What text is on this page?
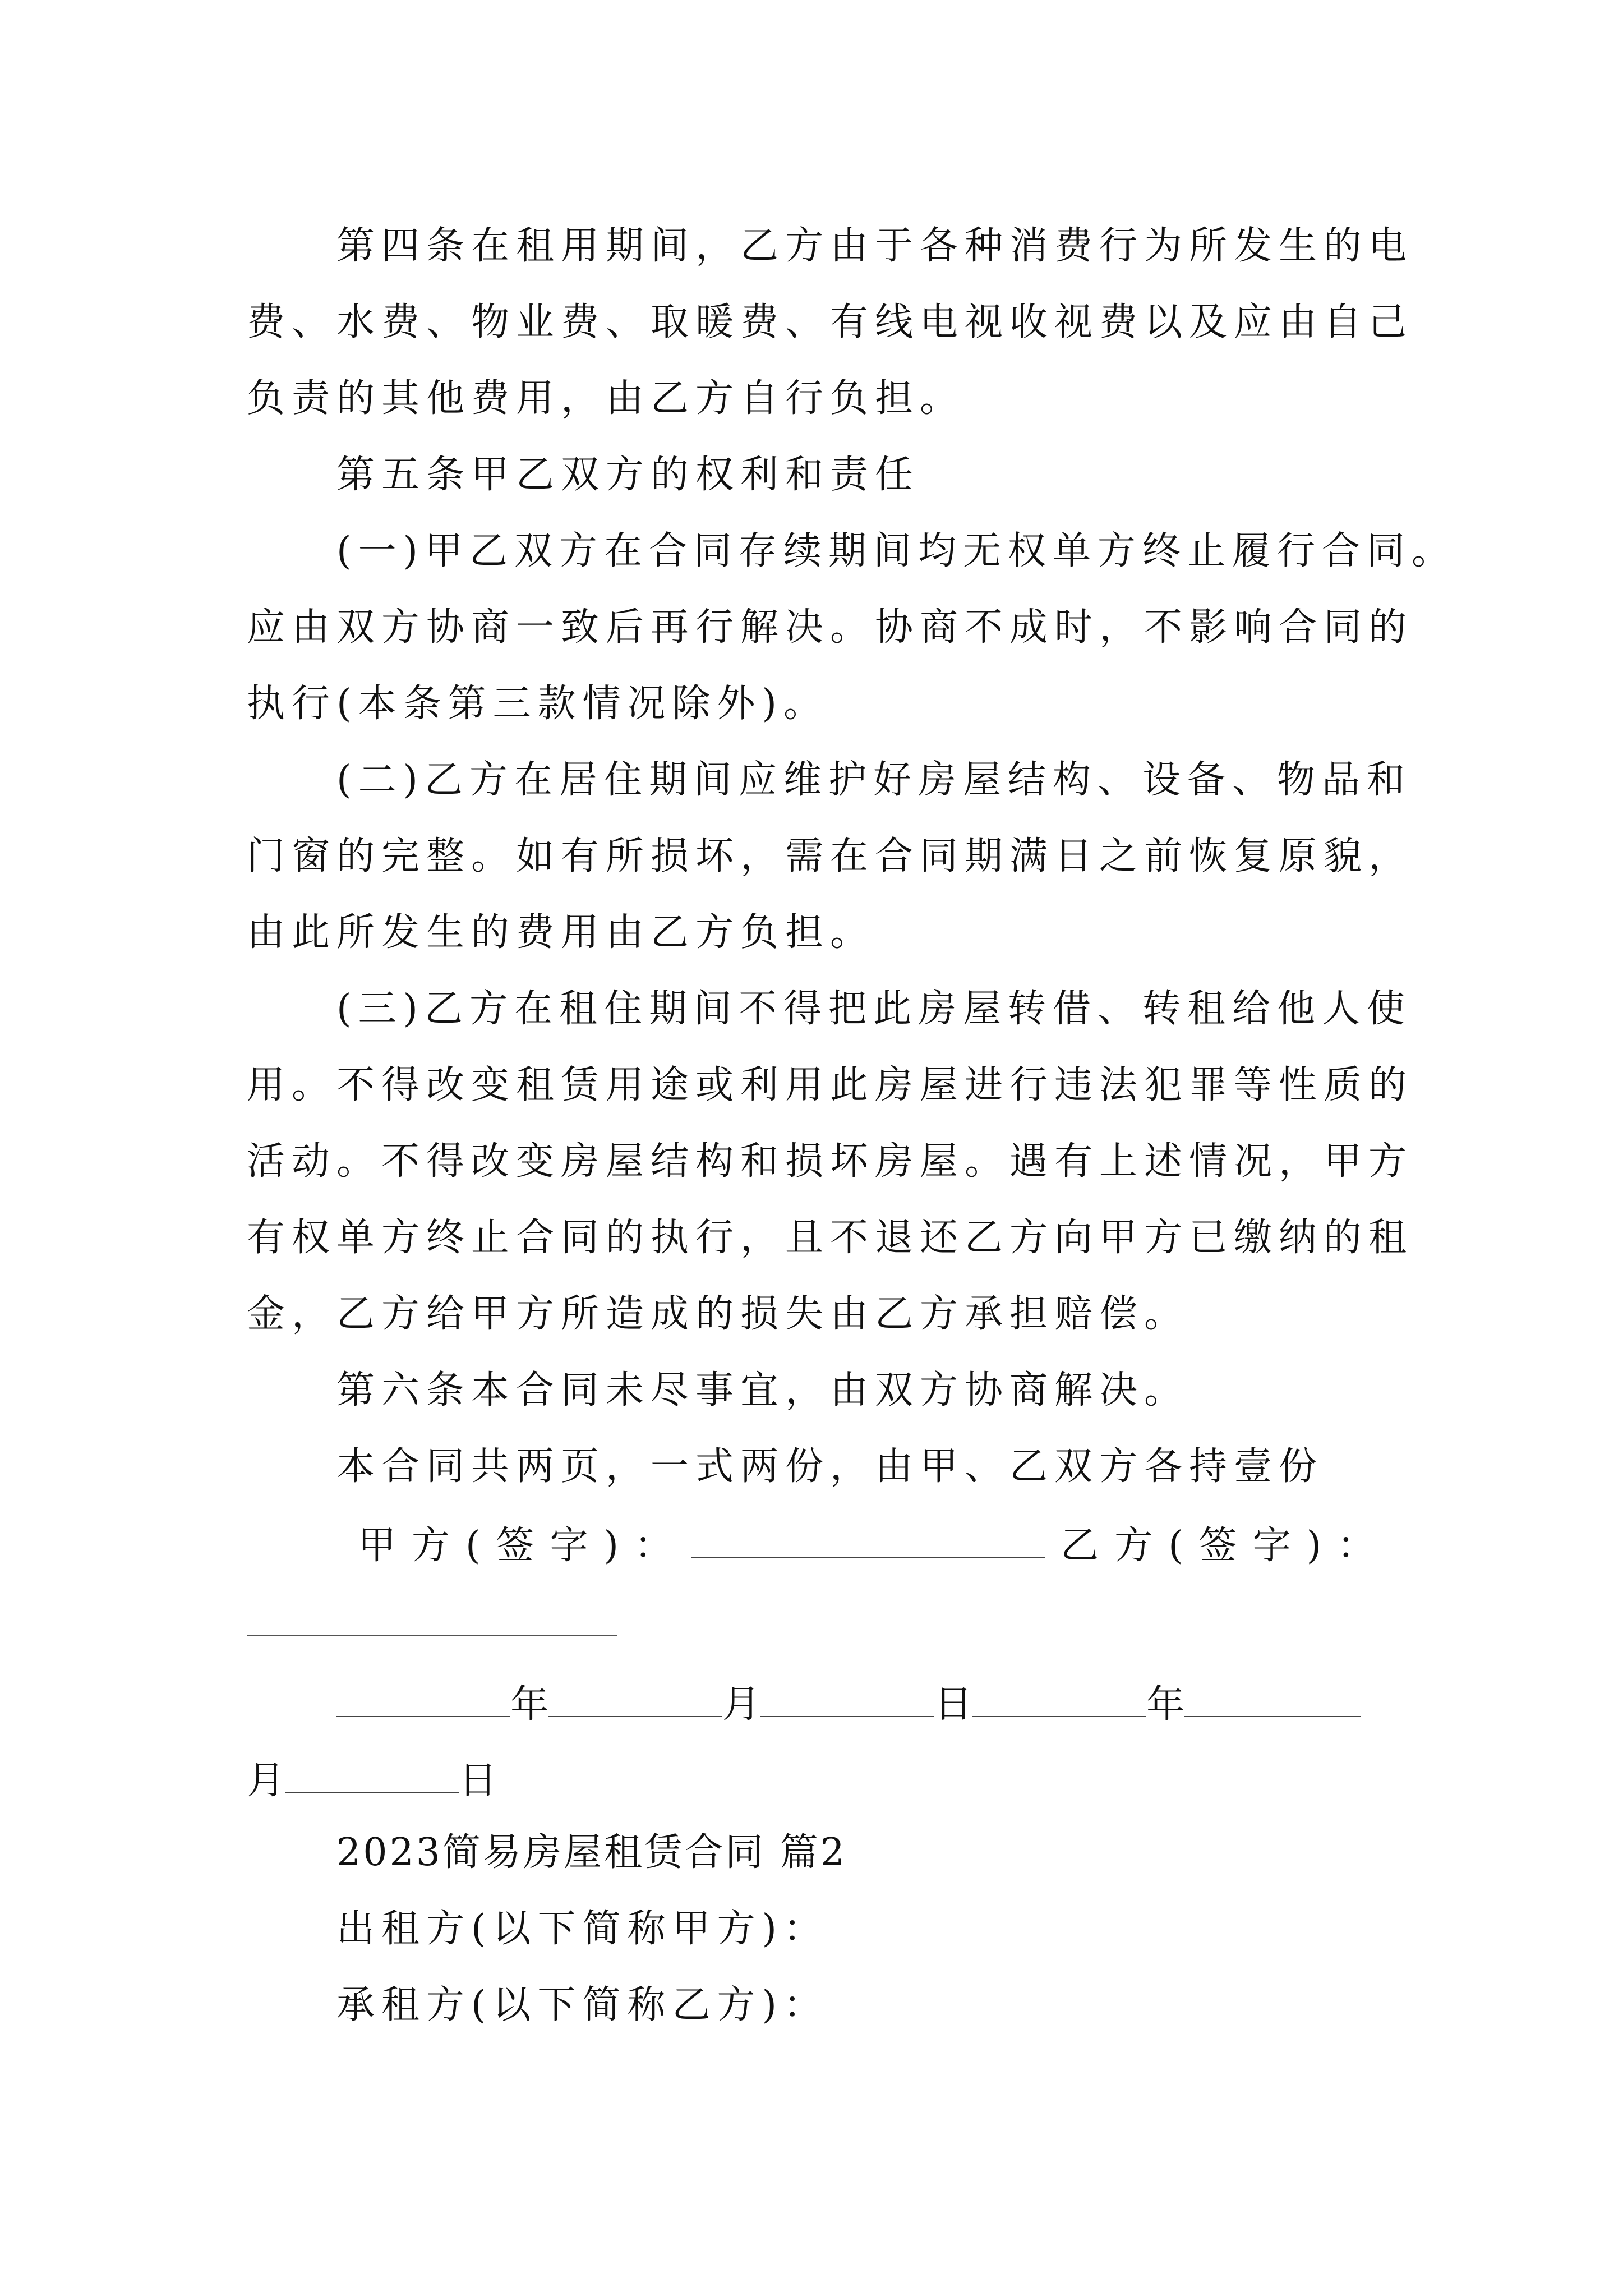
第四条在租用期间，乙方由于各种消费行为所发生的电
费、水费、物业费、取暖费、有线电视收视费以及应由自己
负责的其他费用，由乙方自行负担。
第五条甲乙双方的权利和责任
(一)甲乙双方在合同存续期间均无权单方终止履行合同。
应由双方协商一致后再行解决。协商不成时，不影响合同的
执行(本条第三款情况除外)。
(二)乙方在居住期间应维护好房屋结构、设备、物品和
门窗的完整。如有所损坏，需在合同期满日之前恢复原貌，
由此所发生的费用由乙方负担。
(三)乙方在租住期间不得把此房屋转借、转租给他人使
用。不得改变租赁用途或利用此房屋进行违法犯罪等性质的
活动。不得改变房屋结构和损坏房屋。遇有上述情况，甲方
有权单方终止合同的执行，且不退还乙方向甲方已缴纳的租
金，乙方给甲方所造成的损失由乙方承担赔偿。
第六条本合同未尽事宜，由双方协商解决。
本合同共两页，一式两份，由甲、乙双方各持壹份
甲方(签字)：	乙方(签字)：
年	月	日	年
月	日
2023简易房屋租赁合同 篇2
出租方(以下简称甲方)：
承租方(以下简称乙方)：
